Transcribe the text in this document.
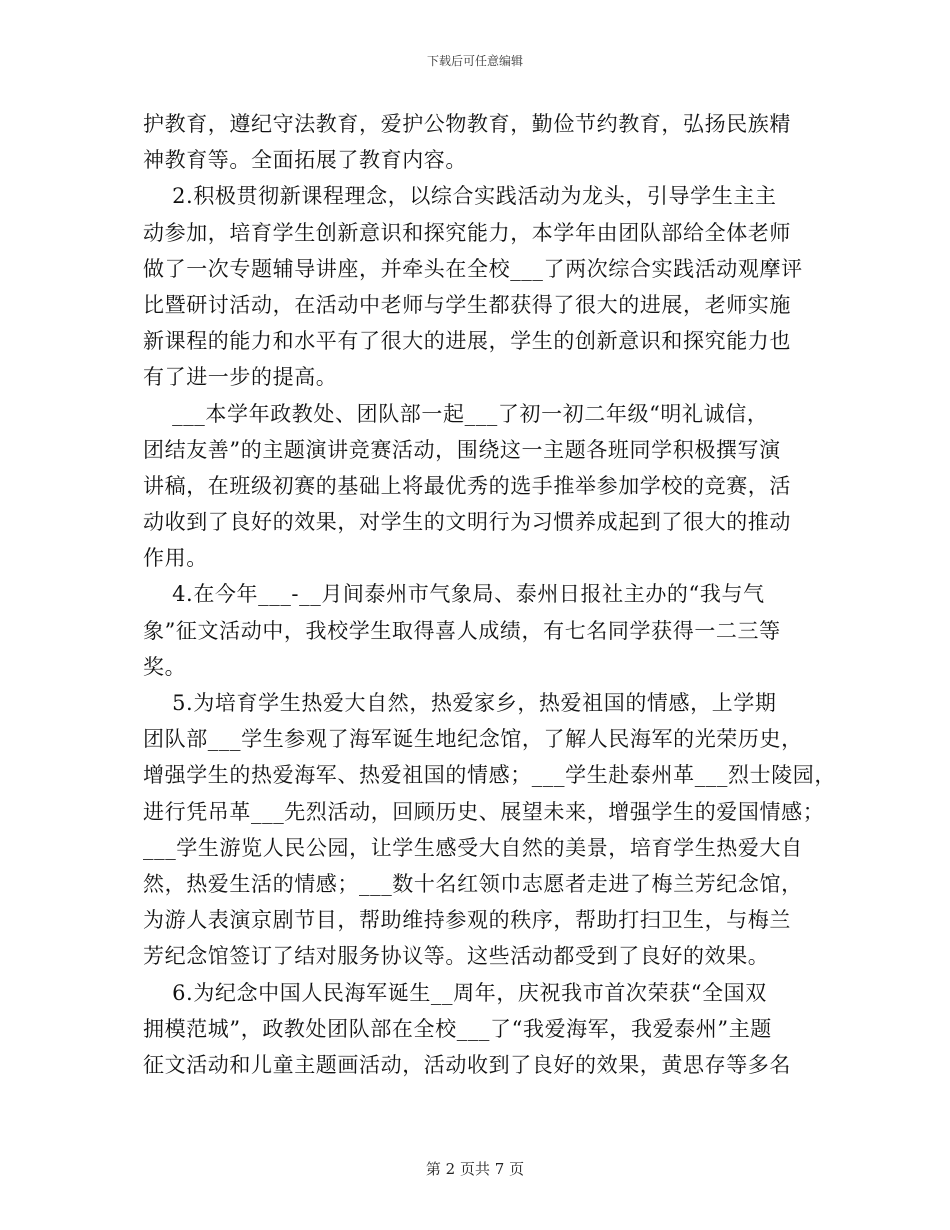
下载后可任意编辑
护教育，遵纪守法教育，爱护公物教育，勤俭节约教育，弘扬民族精
神教育等。全面拓展了教育内容。
2.积极贯彻新课程理念，以综合实践活动为龙头，引导学生主主
动参加，培育学生创新意识和探究能力，本学年由团队部给全体老师
做了一次专题辅导讲座，并牵头在全校___了两次综合实践活动观摩评
比暨研讨活动，在活动中老师与学生都获得了很大的进展，老师实施
新课程的能力和水平有了很大的进展，学生的创新意识和探究能力也
有了进一步的提高。
___本学年政教处、团队部一起___了初一初二年级“明礼诚信，
团结友善”的主题演讲竞赛活动，围绕这一主题各班同学积极撰写演
讲稿，在班级初赛的基础上将最优秀的选手推举参加学校的竞赛，活
动收到了良好的效果，对学生的文明行为习惯养成起到了很大的推动
作用。
4.在今年___-__月间泰州市气象局、泰州日报社主办的“我与气
象”征文活动中，我校学生取得喜人成绩，有七名同学获得一二三等
奖。
5.为培育学生热爱大自然，热爱家乡，热爱祖国的情感，上学期
团队部___学生参观了海军诞生地纪念馆，了解人民海军的光荣历史，
增强学生的热爱海军、热爱祖国的情感；___学生赴泰州革___烈士陵园，
进行凭吊革___先烈活动，回顾历史、展望未来，增强学生的爱国情感；
___学生游览人民公园，让学生感受大自然的美景，培育学生热爱大自
然，热爱生活的情感；___数十名红领巾志愿者走进了梅兰芳纪念馆，
为游人表演京剧节目，帮助维持参观的秩序，帮助打扫卫生，与梅兰
芳纪念馆签订了结对服务协议等。这些活动都受到了良好的效果。
6.为纪念中国人民海军诞生__周年，庆祝我市首次荣获“全国双
拥模范城”，政教处团队部在全校___了“我爱海军，我爱泰州”主题
征文活动和儿童主题画活动，活动收到了良好的效果，黄思存等多名
第 2 页共 7 页
